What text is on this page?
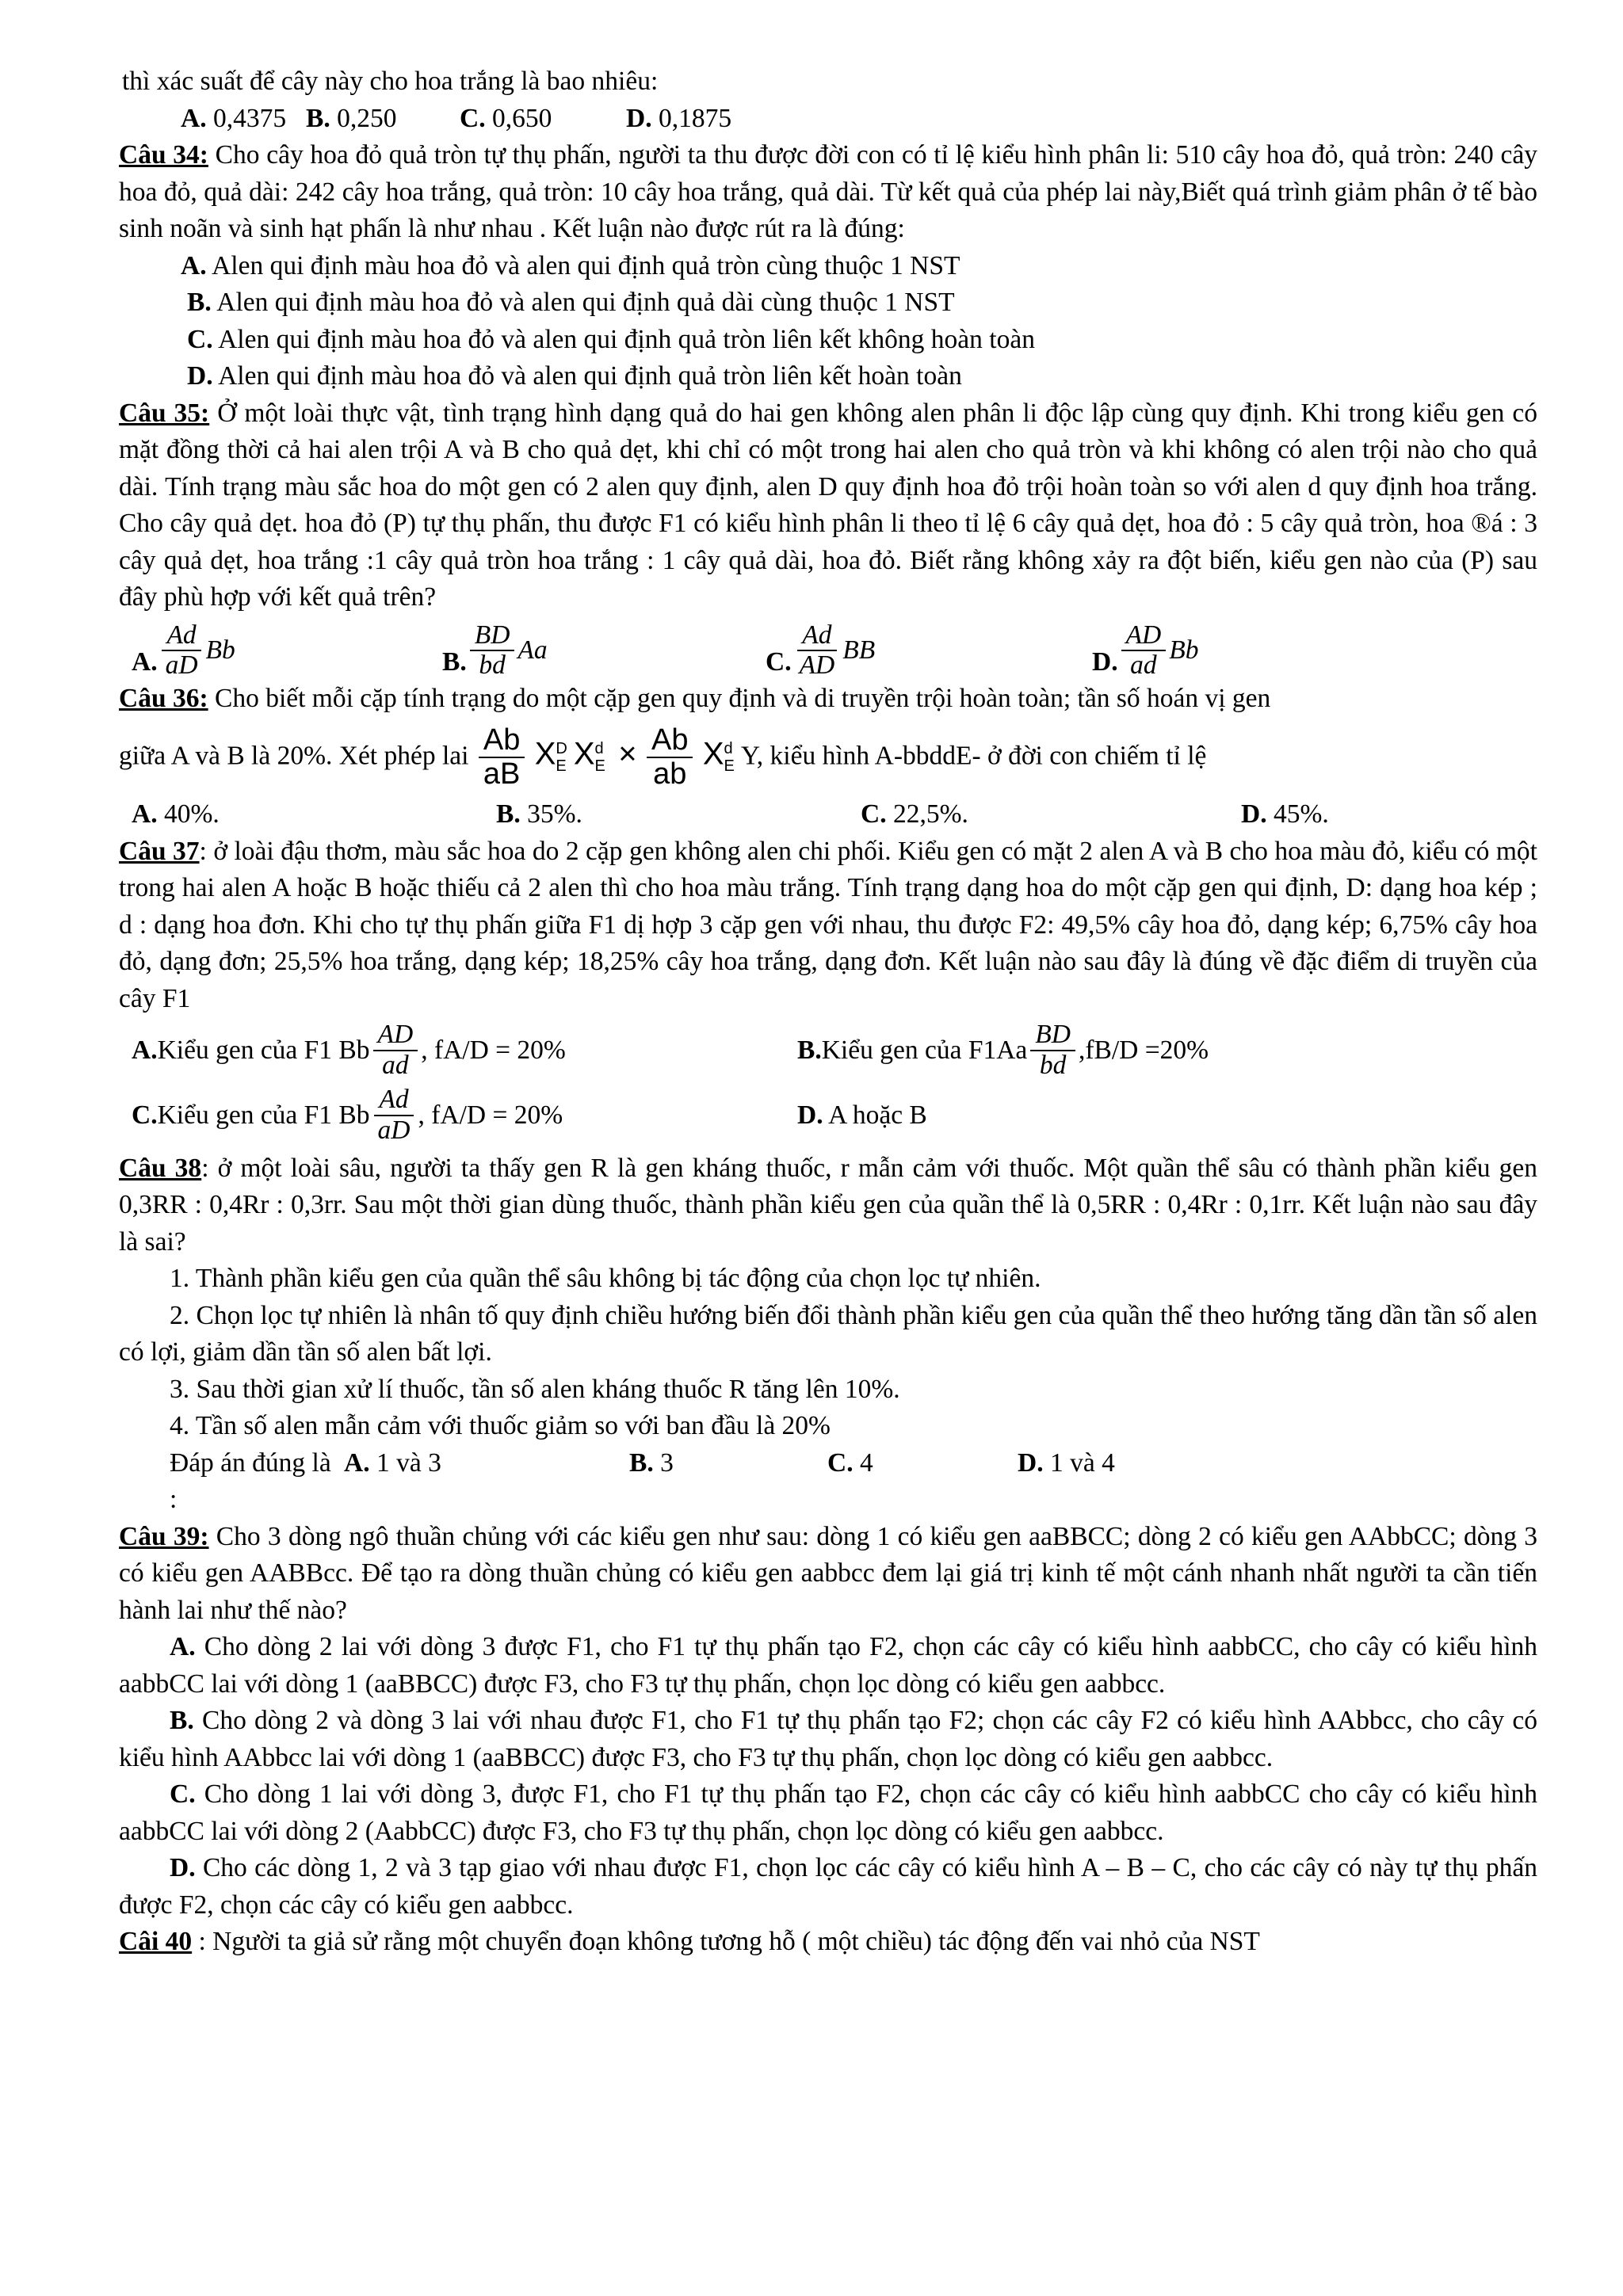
thì xác suất để cây này cho hoa trắng là bao nhiêu:

A. 0,4375 B. 0,250	C. 0,650	D. 0,1875

Câu 34: Cho cây hoa đỏ quả tròn tự thụ phấn, người ta thu được đời con có tỉ lệ kiểu hình phân li: 510 cây hoa đỏ, quả tròn: 240 cây hoa đỏ, quả dài: 242 cây hoa trắng, quả tròn: 10 cây hoa trắng, quả dài. Từ kết quả của phép lai này,Biết quá trình giảm phân ở tế bào sinh noãn và sinh hạt phấn là như nhau . Kết luận nào được rút ra là đúng:

A. Alen qui định màu hoa đỏ và alen qui định quả tròn cùng thuộc 1 NST

B. Alen qui định màu hoa đỏ và alen qui định quả dài cùng thuộc 1 NST

C. Alen qui định màu hoa đỏ và alen qui định quả tròn liên kết không hoàn toàn

D. Alen qui định màu hoa đỏ và alen qui định quả tròn liên kết hoàn toàn

Câu 35: Ở một loài thực vật, tình trạng hình dạng quả do hai gen không alen phân li độc lập cùng quy định. Khi trong kiểu gen có mặt đồng thời cả hai alen trội A và B cho quả dẹt, khi chỉ có một trong hai alen cho quả tròn và khi không có alen trội nào cho quả dài. Tính trạng màu sắc hoa do một gen có 2 alen quy định, alen D quy định hoa đỏ trội hoàn toàn so với alen d quy định hoa trắng. Cho cây quả dẹt. hoa đỏ (P) tự thụ phấn, thu được F1 có kiểu hình phân li theo tỉ lệ 6 cây quả dẹt, hoa đỏ : 5 cây quả tròn, hoa ®á : 3 cây quả dẹt, hoa trắng :1 cây quả tròn hoa trắng : 1 cây quả dài, hoa đỏ. Biết rằng không xảy ra đột biến, kiểu gen nào của (P) sau đây phù hợp với kết quả trên?

A. $\frac{Ad}{aD}$ Bb	B. $\frac{BD}{bd}$ Aa	C. $\frac{Ad}{AD}$ BB	D. $\frac{AD}{ad}$ Bb

Câu 36: Cho biết mỗi cặp tính trạng do một cặp gen quy định và di truyền trội hoàn toàn; tần số hoán vị gen

giữa A và B là 20%. Xét phép lai $\frac{Ab}{aB}$ X D
E X d
$E \times \frac{Ab}{ab}$ X d
E Y, kiểu hình A-bbddE- ở đời con chiếm tỉ lệ

A. 40%.	B. 35%.	C. 22,5%.	D. 45%.

Câu 37: ở loài đậu thơm, màu sắc hoa do 2 cặp gen không alen chi phối. Kiểu gen có mặt 2 alen A và B cho hoa màu đỏ, kiểu có một trong hai alen A hoặc B hoặc thiếu cả 2 alen thì cho hoa màu trắng. Tính trạng dạng hoa do một cặp gen qui định, D: dạng hoa kép ; d : dạng hoa đơn. Khi cho tự thụ phấn giữa F1 dị hợp 3 cặp gen với nhau, thu được F2: 49,5% cây hoa đỏ, dạng kép; 6,75% cây hoa đỏ, dạng đơn; 25,5% hoa trắng, dạng kép; 18,25% cây hoa trắng, dạng đơn. Kết luận nào sau đây là đúng về đặc điểm di truyền của cây F1

A. Kiểu gen của F1 Bb $\frac{AD}{ad}$ , fA/D = 20%	B. Kiểu gen của $F1Aa \frac{BD}{bd} ,fB/D =20\%$
C. Kiểu gen của F1 Bb $\frac{Ad}{aD}$ , fA/D = 20%	D. A hoặc B

Câu 38: ở một loài sâu, người ta thấy gen R là gen kháng thuốc, r mẫn cảm với thuốc. Một quần thể sâu có thành phần kiểu gen 0,3RR : 0,4Rr : 0,3rr. Sau một thời gian dùng thuốc, thành phần kiểu gen của quần thể là 0,5RR : 0,4Rr : 0,1rr. Kết luận nào sau đây là sai?

1. Thành phần kiểu gen của quần thể sâu không bị tác động của chọn lọc tự nhiên.

2. Chọn lọc tự nhiên là nhân tố quy định chiều hướng biến đổi thành phần kiểu gen của quần thể theo hướng tăng dần tần số alen có lợi, giảm dần tần số alen bất lợi.

3. Sau thời gian xử lí thuốc, tần số alen kháng thuốc R tăng lên 10%.

4. Tần số alen mẫn cảm với thuốc giảm so với ban đầu là 20%

Đáp án đúng là :
A. 1 và 3	B. 3	C. 4	D. 1 và 4

Câu 39: Cho 3 dòng ngô thuần chủng với các kiểu gen như sau: dòng 1 có kiểu gen aaBBCC; dòng 2 có kiểu gen AAbbCC; dòng 3 có kiểu gen AABBcc. Để tạo ra dòng thuần chủng có kiểu gen aabbcc đem lại giá trị kinh tế một cánh nhanh nhất người ta cần tiến hành lai như thế nào?

A. Cho dòng 2 lai với dòng 3 được F1, cho F1 tự thụ phấn tạo F2, chọn các cây có kiểu hình aabbCC, cho cây có kiểu hình aabbCC lai với dòng 1 (aaBBCC) được F3, cho F3 tự thụ phấn, chọn lọc dòng có kiểu gen aabbcc.

B. Cho dòng 2 và dòng 3 lai với nhau được F1, cho F1 tự thụ phấn tạo F2; chọn các cây F2 có kiểu hình AAbbcc, cho cây có kiểu hình AAbbcc lai với dòng 1 (aaBBCC) được F3, cho F3 tự thụ phấn, chọn lọc dòng có kiểu gen aabbcc.

C. Cho dòng 1 lai với dòng 3, được F1, cho F1 tự thụ phấn tạo F2, chọn các cây có kiểu hình aabbCC cho cây có kiểu hình aabbCC lai với dòng 2 (AabbCC) được F3, cho F3 tự thụ phấn, chọn lọc dòng có kiểu gen aabbcc.

D. Cho các dòng 1, 2 và 3 tạp giao với nhau được F1, chọn lọc các cây có kiểu hình A – B – C, cho các cây có này tự thụ phấn được F2, chọn các cây có kiểu gen aabbcc.

Câi 40 : Người ta giả sử rằng một chuyển đoạn không tương hỗ ( một chiều) tác động đến vai nhỏ của NST
